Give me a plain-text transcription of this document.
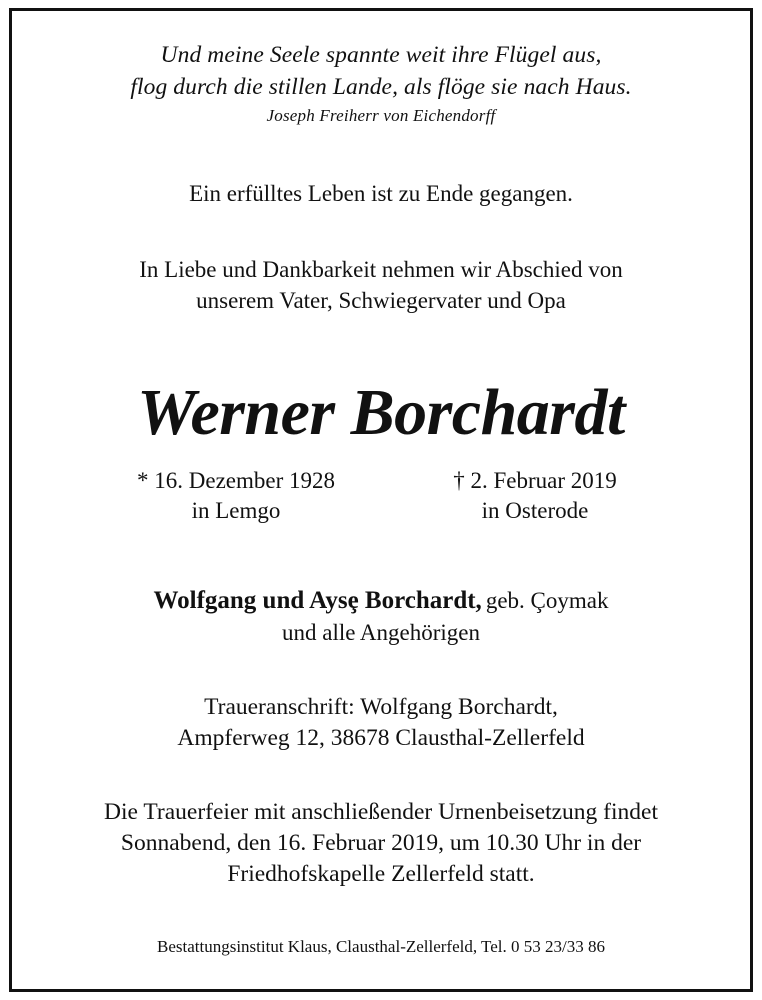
Und meine Seele spannte weit ihre Flügel aus,
flog durch die stillen Lande, als flöge sie nach Haus.
Joseph Freiherr von Eichendorff
Ein erfülltes Leben ist zu Ende gegangen.
In Liebe und Dankbarkeit nehmen wir Abschied von
unserem Vater, Schwiegervater und Opa
Werner Borchardt
* 16. Dezember 1928
in Lemgo
† 2. Februar 2019
in Osterode
Wolfgang und Aysȩ Borchardt, geb. Çoymak
und alle Angehörigen
Traueranschrift: Wolfgang Borchardt,
Ampferweg 12, 38678 Clausthal-Zellerfeld
Die Trauerfeier mit anschließender Urnenbeisetzung findet
Sonnabend, den 16. Februar 2019, um 10.30 Uhr in der
Friedhofskapelle Zellerfeld statt.
Bestattungsinstitut Klaus, Clausthal-Zellerfeld, Tel. 0 53 23/33 86
